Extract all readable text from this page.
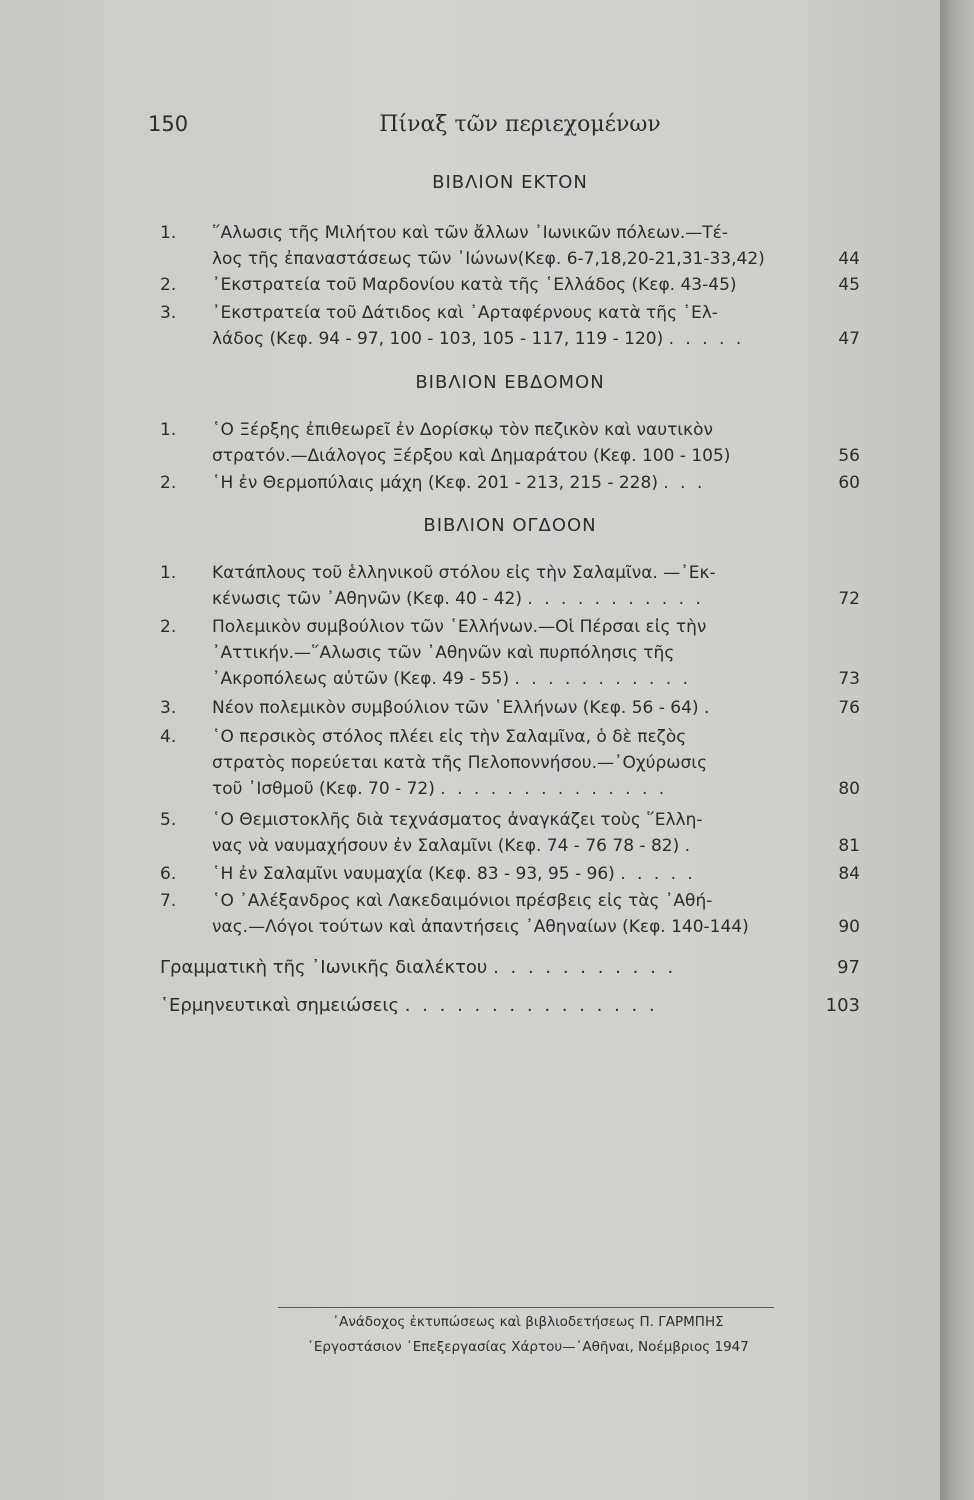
150	Πίναξ τῶν περιεχομένων
ΒΙΒΛΙΟΝ ΕΚΤΟΝ
1. ῞Αλωσις τῆς Μιλήτου καὶ τῶν ἄλλων ᾿Ιωνικῶν πόλεων.—Τέ-
λος τῆς ἐπαναστάσεως τῶν ᾿Ιώνων(Κεφ. 6-7,18,20-21,31-33,42)	44
2. ᾿Εκστρατεία τοῦ Μαρδονίου κατὰ τῆς ῾Ελλάδος (Κεφ. 43-45)	45
3. ᾿Εκστρατεία τοῦ Δάτιδος καὶ ᾿Αρταφέρνους κατὰ τῆς ῾Ελ-
λάδος (Κεφ. 94 - 97, 100 - 103, 105 - 117, 119 - 120) . . . . .	47
ΒΙΒΛΙΟΝ ΕΒΔΟΜΟΝ
1. ῾Ο Ξέρξης ἐπιθεωρεῖ ἐν Δορίσκῳ τὸν πεζικὸν καὶ ναυτικὸν
στρατόν.—Διάλογος Ξέρξου καὶ Δημαράτου (Κεφ. 100 - 105)	56
2. ῾Η ἐν Θερμοπύλαις μάχη (Κεφ. 201 - 213, 215 - 228) . . .	60
ΒΙΒΛΙΟΝ ΟΓΔΟΟΝ
1. Κατάπλους τοῦ ἑλληνικοῦ στόλου εἰς τὴν Σαλαμῖνα. —᾿Εκ-
κένωσις τῶν ᾿Αθηνῶν (Κεφ. 40 - 42) . . . . . . . . . . .	72
2. Πολεμικὸν συμβούλιον τῶν ῾Ελλήνων.—Οἱ Πέρσαι εἰς τὴν
᾿Αττικήν.—῞Αλωσις τῶν ᾿Αθηνῶν καὶ πυρπόλησις τῆς
᾿Ακροπόλεως αὐτῶν (Κεφ. 49 - 55) . . . . . . . . . . .	73
3. Νέον πολεμικὸν συμβούλιον τῶν ῾Ελλήνων (Κεφ. 56 - 64) .	76
4. ῾Ο περσικὸς στόλος πλέει εἰς τὴν Σαλαμῖνα, ὁ δὲ πεζὸς
στρατὸς πορεύεται κατὰ τῆς Πελοποννήσου.—᾿Οχύρωσις
τοῦ ᾿Ισθμοῦ (Κεφ. 70 - 72) . . . . . . . . . . . . . .	80
5. ῾Ο Θεμιστοκλῆς διὰ τεχνάσματος ἀναγκάζει τοὺς ῞Ελλη-
νας νὰ ναυμαχήσουν ἐν Σαλαμῖνι (Κεφ. 74 - 76 78 - 82) .	81
6. ῾Η ἐν Σαλαμῖνι ναυμαχία (Κεφ. 83 - 93, 95 - 96) . . . . .	84
7. ῾Ο ᾿Αλέξανδρος καὶ Λακεδαιμόνιοι πρέσβεις εἰς τὰς ᾿Αθή-
νας.—Λόγοι τούτων καὶ ἀπαντήσεις ᾿Αθηναίων (Κεφ. 140-144)	90
Γραμματικὴ τῆς ᾿Ιωνικῆς διαλέκτου . . . . . . . . . . .	97
῾Ερμηνευτικαὶ σημειώσεις . . . . . . . . . . . . . . .	103
᾿Ανάδοχος ἐκτυπώσεως καὶ βιβλιοδετήσεως Π. ΓΑΡΜΠΗΣ
᾿Εργοστάσιον ᾿Επεξεργασίας Χάρτου—᾿Αθῆναι, Νοέμβριος 1947
